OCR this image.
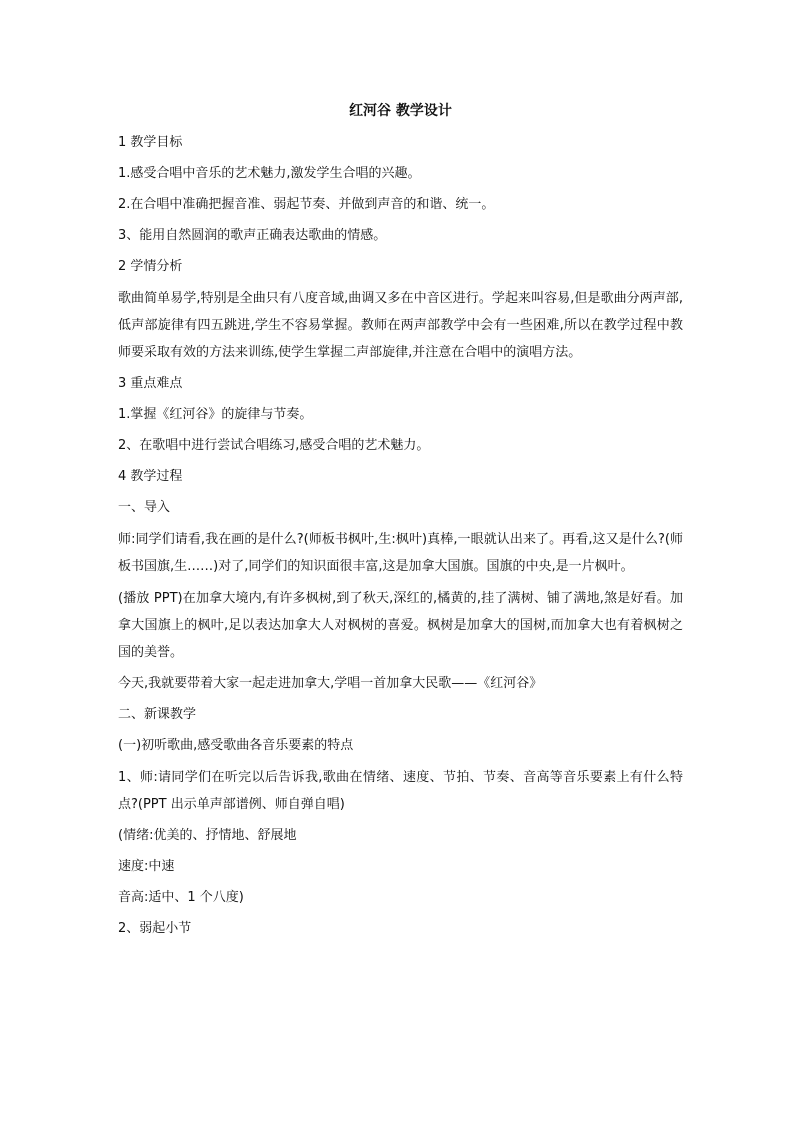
红河谷 教学设计

1 教学目标

1.感受合唱中音乐的艺术魅力,激发学生合唱的兴趣。

2.在合唱中准确把握音准、弱起节奏、并做到声音的和谐、统一。

3、能用自然圆润的歌声正确表达歌曲的情感。

2 学情分析

歌曲简单易学,特别是全曲只有八度音域,曲调又多在中音区进行。学起来叫容易,但是歌曲分两声部,低声部旋律有四五跳进,学生不容易掌握。教师在两声部教学中会有一些困难,所以在教学过程中教师要采取有效的方法来训练,使学生掌握二声部旋律,并注意在合唱中的演唱方法。

3 重点难点

1.掌握《红河谷》的旋律与节奏。

2、在歌唱中进行尝试合唱练习,感受合唱的艺术魅力。

4 教学过程

一、导入

师:同学们请看,我在画的是什么?(师板书枫叶,生:枫叶)真棒,一眼就认出来了。再看,这又是什么?(师板书国旗,生……)对了,同学们的知识面很丰富,这是加拿大国旗。国旗的中央,是一片枫叶。

(播放 PPT)在加拿大境内,有许多枫树,到了秋天,深红的,橘黄的,挂了满树、铺了满地,煞是好看。加拿大国旗上的枫叶,足以表达加拿大人对枫树的喜爱。枫树是加拿大的国树,而加拿大也有着枫树之国的美誉。

今天,我就要带着大家一起走进加拿大,学唱一首加拿大民歌——《红河谷》

二、新课教学

(一)初听歌曲,感受歌曲各音乐要素的特点

1、师:请同学们在听完以后告诉我,歌曲在情绪、速度、节拍、节奏、音高等音乐要素上有什么特点?(PPT 出示单声部谱例、师自弹自唱)

(情绪:优美的、抒情地、舒展地

速度:中速

音高:适中、1 个八度)

2、弱起小节
